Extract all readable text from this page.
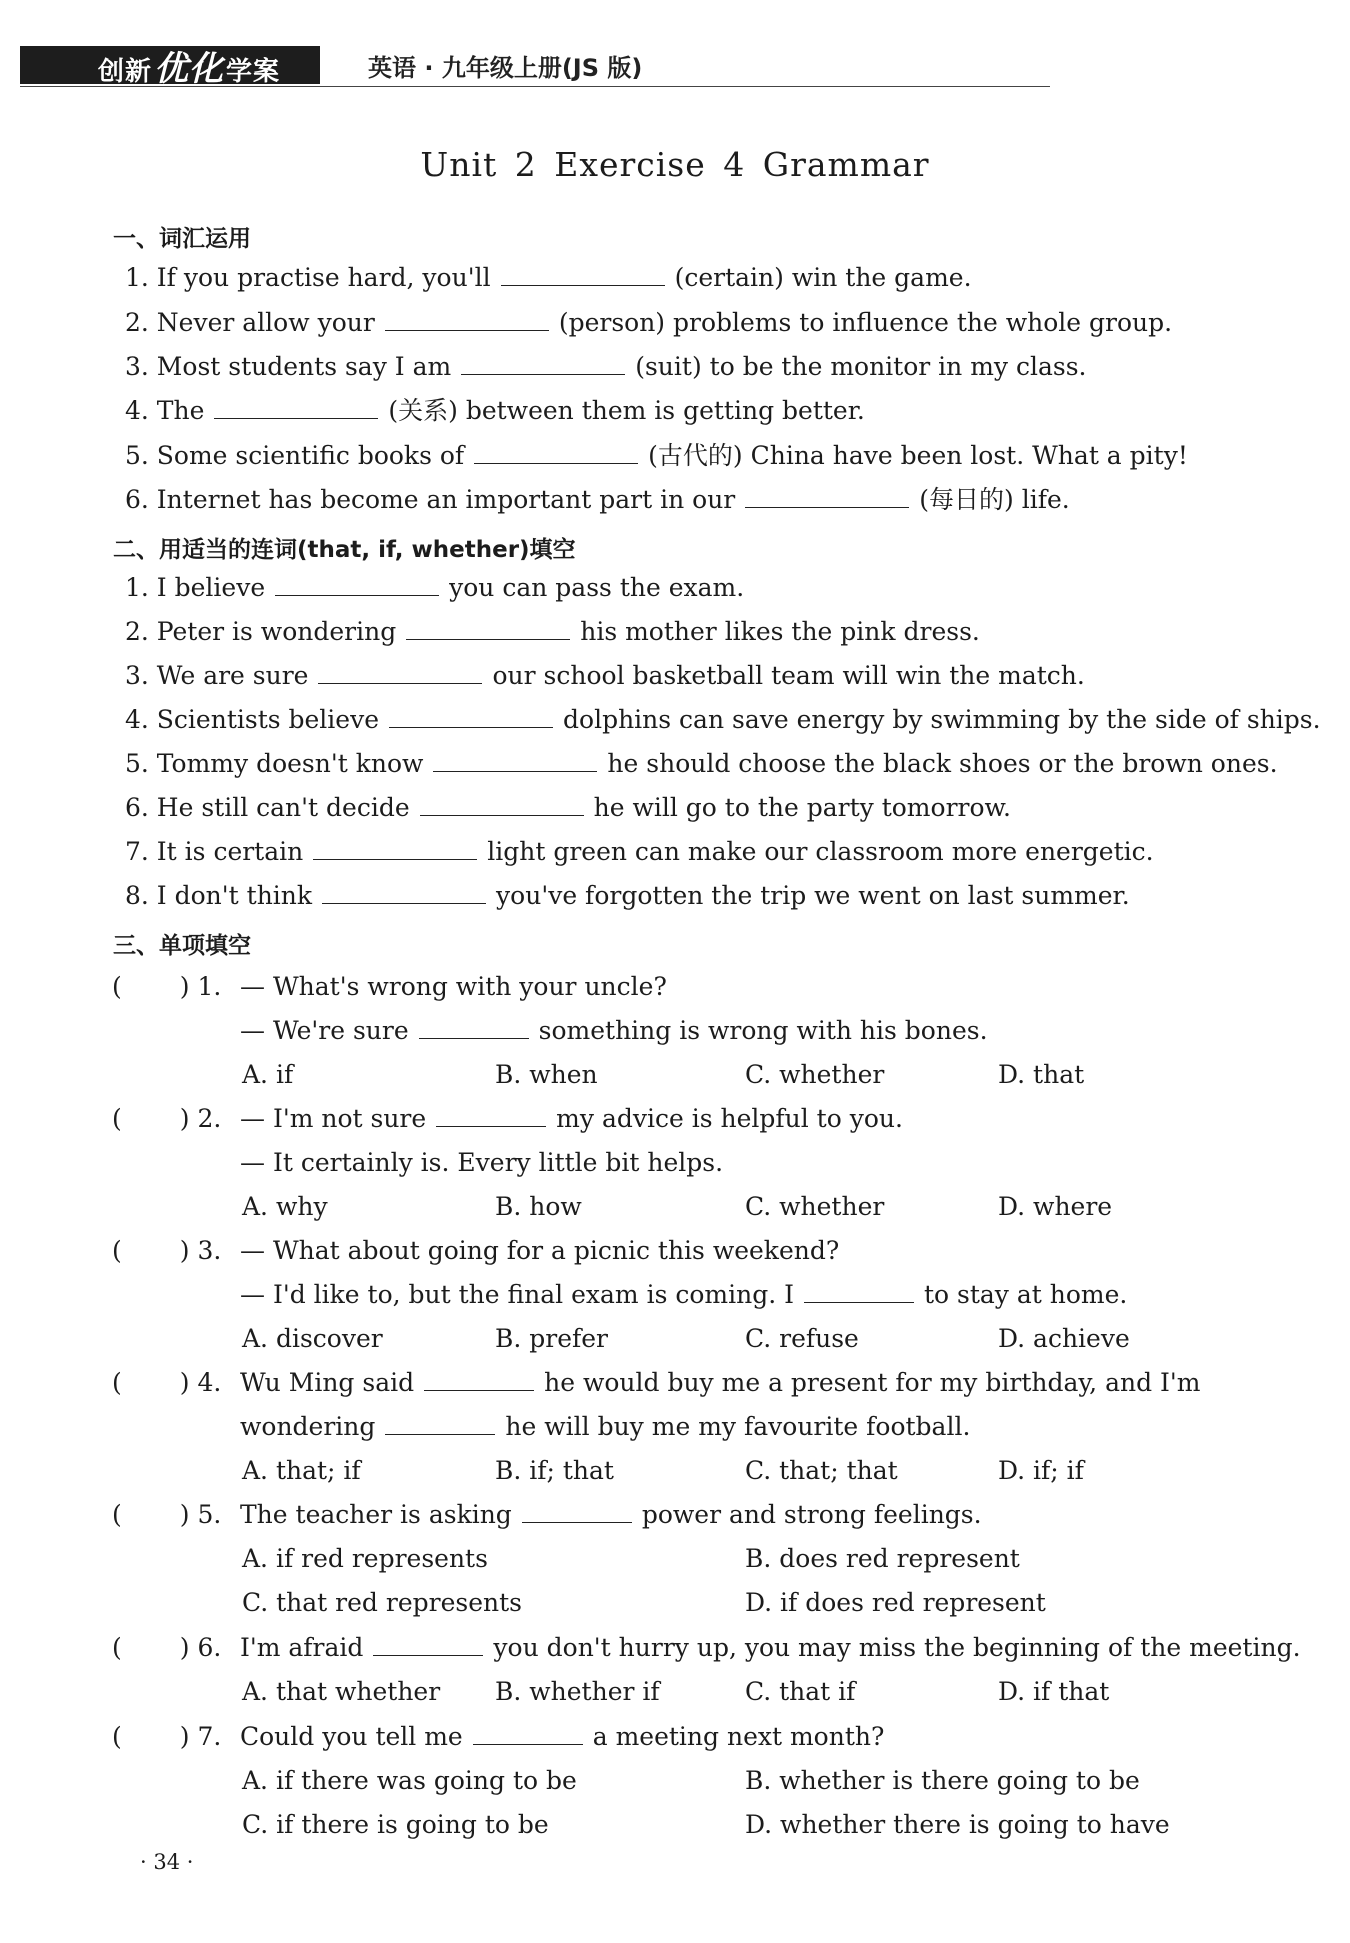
创新优化学案	英语 · 九年级上册(JS 版)
Unit 2 Exercise 4 Grammar
一、词汇运用
1. If you practise hard, you'll	(certain) win the game.
2. Never allow your	(person) problems to influence the whole group.
3. Most students say I am	(suit) to be the monitor in my class.
4. The	(关系) between them is getting better.
5. Some scientific books of	(古代的) China have been lost. What a pity!
6. Internet has become an important part in our	(每日的) life.
二、用适当的连词(that, if, whether)填空
1. I believe	you can pass the exam.
2. Peter is wondering	his mother likes the pink dress.
3. We are sure	our school basketball team will win the match.
4. Scientists believe	dolphins can save energy by swimming by the side of ships.
5. Tommy doesn't know	he should choose the black shoes or the brown ones.
6. He still can't decide	he will go to the party tomorrow.
7. It is certain	light green can make our classroom more energetic.
8. I don't think	you've forgotten the trip we went on last summer.
三、单项填空
( ) 1. — What's wrong with your uncle?
— We're sure	something is wrong with his bones.
A. if	B. when	C. whether	D. that
( ) 2. — I'm not sure	my advice is helpful to you.
— It certainly is. Every little bit helps.
A. why	B. how	C. whether	D. where
( ) 3. — What about going for a picnic this weekend?
— I'd like to, but the final exam is coming. I	to stay at home.
A. discover	B. prefer	C. refuse	D. achieve
( ) 4. Wu Ming said	he would buy me a present for my birthday, and I'm
wondering	he will buy me my favourite football.
A. that; if	B. if; that	C. that; that	D. if; if
( ) 5. The teacher is asking	power and strong feelings.
A. if red represents	B. does red represent
C. that red represents	D. if does red represent
( ) 6. I'm afraid	you don't hurry up, you may miss the beginning of the meeting.
A. that whether B. whether if	C. that if	D. if that
( ) 7. Could you tell me	a meeting next month?
A. if there was going to be	B. whether is there going to be
C. if there is going to be	D. whether there is going to have
· 34 ·
